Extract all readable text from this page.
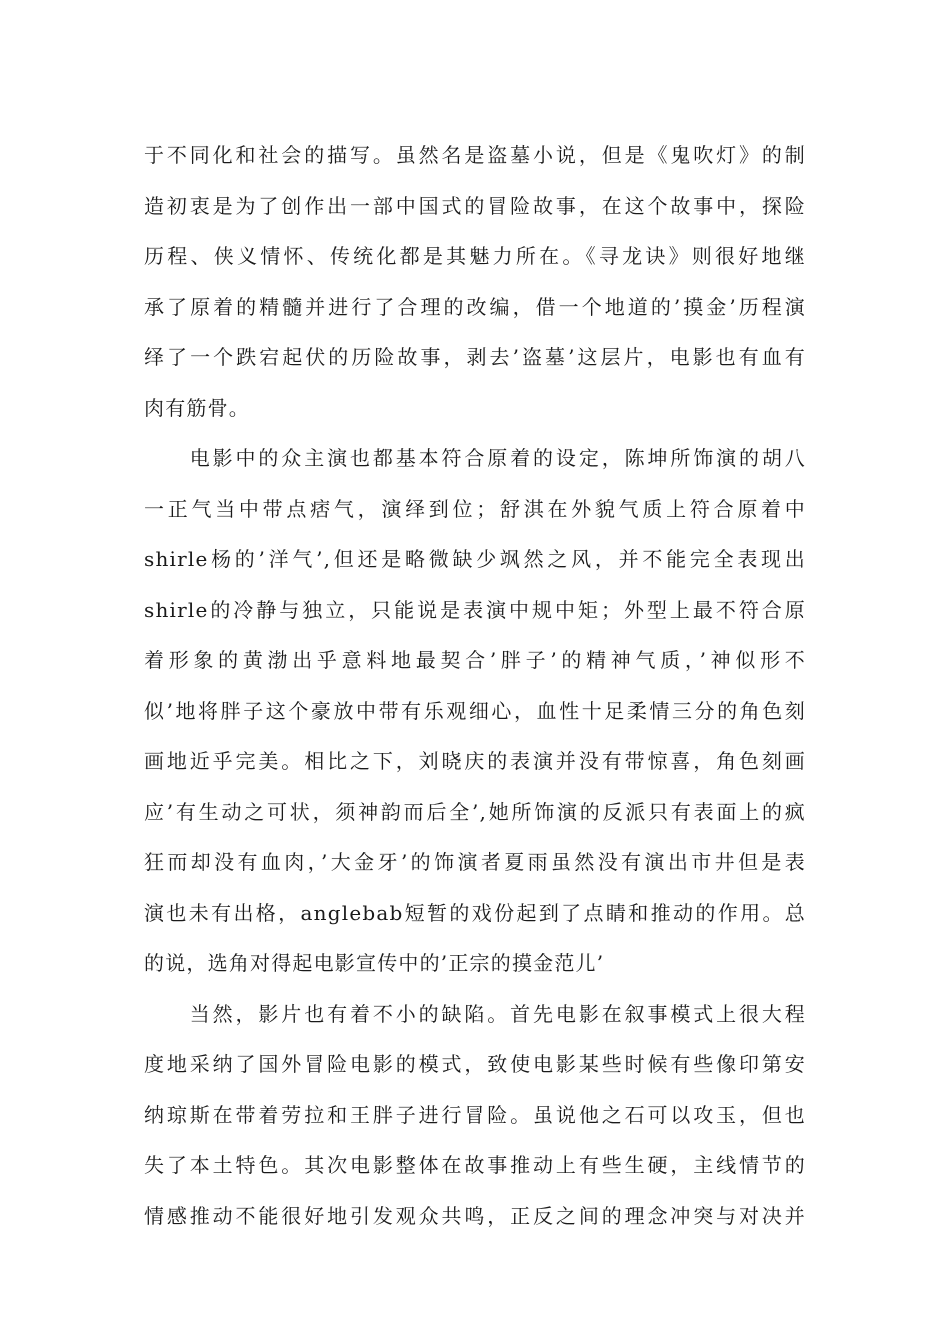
于不同化和社会的描写。虽然名是盗墓小说，但是《鬼吹灯》的制
造初衷是为了创作出一部中国式的冒险故事，在这个故事中，探险
历程、侠义情怀、传统化都是其魅力所在。《寻龙诀》则很好地继
承了原着的精髓并进行了合理的改编，借一个地道的’摸金’历程演
绎了一个跌宕起伏的历险故事，剥去’盗墓’这层片，电影也有血有
肉有筋骨。
　　电影中的众主演也都基本符合原着的设定，陈坤所饰演的胡八
一正气当中带点痞气，演绎到位；舒淇在外貌气质上符合原着中
shirle杨的’洋气’,但还是略微缺少飒然之风，并不能完全表现出
shirle的冷静与独立，只能说是表演中规中矩；外型上最不符合原
着形象的黄渤出乎意料地最契合’胖子’的精神气质，’神似形不
似’地将胖子这个豪放中带有乐观细心，血性十足柔情三分的角色刻
画地近乎完美。相比之下，刘晓庆的表演并没有带惊喜，角色刻画
应’有生动之可状，须神韵而后全’,她所饰演的反派只有表面上的疯
狂而却没有血肉，’大金牙’的饰演者夏雨虽然没有演出市井但是表
演也未有出格，anglebab短暂的戏份起到了点睛和推动的作用。总
的说，选角对得起电影宣传中的’正宗的摸金范儿’
　　当然，影片也有着不小的缺陷。首先电影在叙事模式上很大程
度地采纳了国外冒险电影的模式，致使电影某些时候有些像印第安
纳琼斯在带着劳拉和王胖子进行冒险。虽说他之石可以攻玉，但也
失了本土特色。其次电影整体在故事推动上有些生硬，主线情节的
情感推动不能很好地引发观众共鸣，正反之间的理念冲突与对决并
